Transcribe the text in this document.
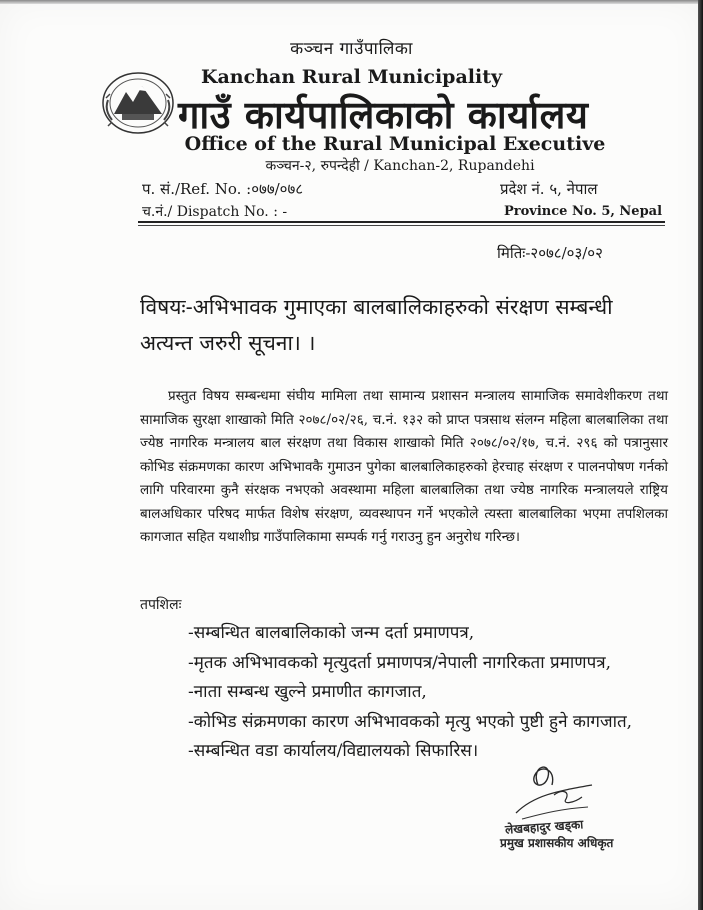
कञ्चन गाउँपालिका
Kanchan Rural Municipality
गाउँ कार्यपालिकाको कार्यालय
Office of the Rural Municipal Executive
कञ्चन-२, रुपन्देही / Kanchan-2, Rupandehi
प. सं./Ref. No. :०७७/०७८	प्रदेश नं. ५, नेपाल
च.नं./ Dispatch No. : -	Province No. 5, Nepal
मितिः-२०७८/०३/०२
विषयः-अभिभावक गुमाएका बालबालिकाहरुको संरक्षण सम्बन्धी अत्यन्त जरुरी सूचना। ।

प्रस्तुत विषय सम्बन्धमा संघीय मामिला तथा सामान्य प्रशासन मन्त्रालय सामाजिक समावेशीकरण तथा सामाजिक सुरक्षा शाखाको मिति २०७८/०२/२६, च.नं. १३२ को प्राप्त पत्रसाथ संलग्न महिला बालबालिका तथा ज्येष्ठ नागरिक मन्त्रालय बाल संरक्षण तथा विकास शाखाको मिति २०७८/०२/१७, च.नं. २९६ को पत्रानुसार कोभिड संक्रमणका कारण अभिभावकै गुमाउन पुगेका बालबालिकाहरुको हेरचाह संरक्षण र पालनपोषण गर्नको लागि परिवारमा कुनै संरक्षक नभएको अवस्थामा महिला बालबालिका तथा ज्येष्ठ नागरिक मन्त्रालयले राष्ट्रिय बालअधिकार परिषद मार्फत विशेष संरक्षण, व्यवस्थापन गर्ने भएकोले त्यस्ता बालबालिका भएमा तपशिलका कागजात सहित यथाशीघ्र गाउँपालिकामा सम्पर्क गर्नु गराउनु हुन अनुरोध गरिन्छ।

तपशिलः
-सम्बन्धित बालबालिकाको जन्म दर्ता प्रमाणपत्र,
-मृतक अभिभावकको मृत्युदर्ता प्रमाणपत्र/नेपाली नागरिकता प्रमाणपत्र,
-नाता सम्बन्ध खुल्ने प्रमाणीत कागजात,
-कोभिड संक्रमणका कारण अभिभावकको मृत्यु भएको पुष्टी हुने कागजात,
-सम्बन्धित वडा कार्यालय/विद्यालयको सिफारिस।
लेखबहादुर खड्का
प्रमुख प्रशासकीय अधिकृत
